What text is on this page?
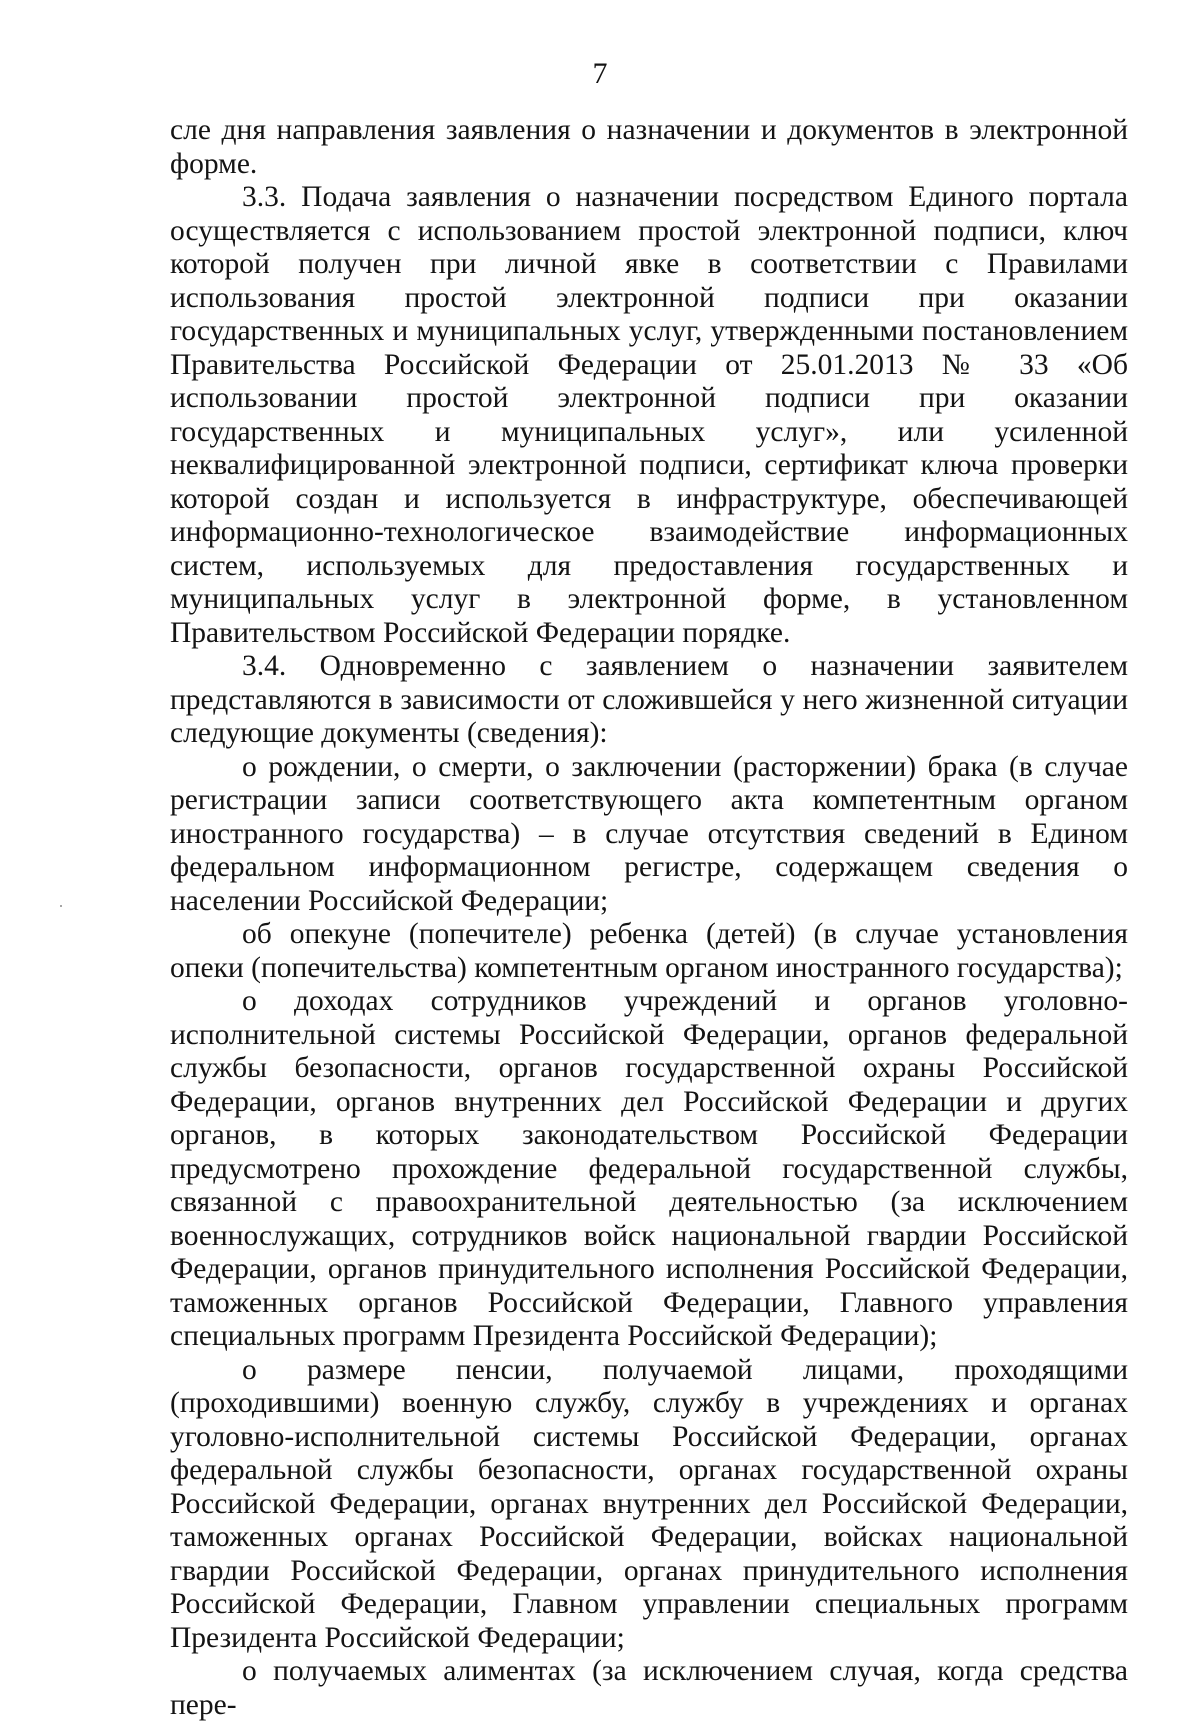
7

сле дня направления заявления о назначении и документов в электронной форме.

3.3. Подача заявления о назначении посредством Единого портала осуществляется с использованием простой электронной подписи, ключ которой получен при личной явке в соответствии с Правилами использования простой электронной подписи при оказании государственных и муниципальных услуг, утвержденными постановлением Правительства Российской Федерации от 25.01.2013 № 33 «Об использовании простой электронной подписи при оказании государственных и муниципальных услуг», или усиленной неквалифицированной электронной подписи, сертификат ключа проверки которой создан и используется в инфраструктуре, обеспечивающей информационно-технологическое взаимодействие информационных систем, используемых для предоставления государственных и муниципальных услуг в электронной форме, в установленном Правительством Российской Федерации порядке.

3.4. Одновременно с заявлением о назначении заявителем представляются в зависимости от сложившейся у него жизненной ситуации следующие документы (сведения):

о рождении, о смерти, о заключении (расторжении) брака (в случае регистрации записи соответствующего акта компетентным органом иностранного государства) – в случае отсутствия сведений в Едином федеральном информационном регистре, содержащем сведения о населении Российской Федерации;

об опекуне (попечителе) ребенка (детей) (в случае установления опеки (попечительства) компетентным органом иностранного государства);

о доходах сотрудников учреждений и органов уголовно-исполнительной системы Российской Федерации, органов федеральной службы безопасности, органов государственной охраны Российской Федерации, органов внутренних дел Российской Федерации и других органов, в которых законодательством Российской Федерации предусмотрено прохождение федеральной государственной службы, связанной с правоохранительной деятельностью (за исключением военнослужащих, сотрудников войск национальной гвардии Российской Федерации, органов принудительного исполнения Российской Федерации, таможенных органов Российской Федерации, Главного управления специальных программ Президента Российской Федерации);

о размере пенсии, получаемой лицами, проходящими (проходившими) военную службу, службу в учреждениях и органах уголовно-исполнительной системы Российской Федерации, органах федеральной службы безопасности, органах государственной охраны Российской Федерации, органах внутренних дел Российской Федерации, таможенных органах Российской Федерации, войсках национальной гвардии Российской Федерации, органах принудительного исполнения Российской Федерации, Главном управлении специальных программ Президента Российской Федерации;

о получаемых алиментах (за исключением случая, когда средства пере-
